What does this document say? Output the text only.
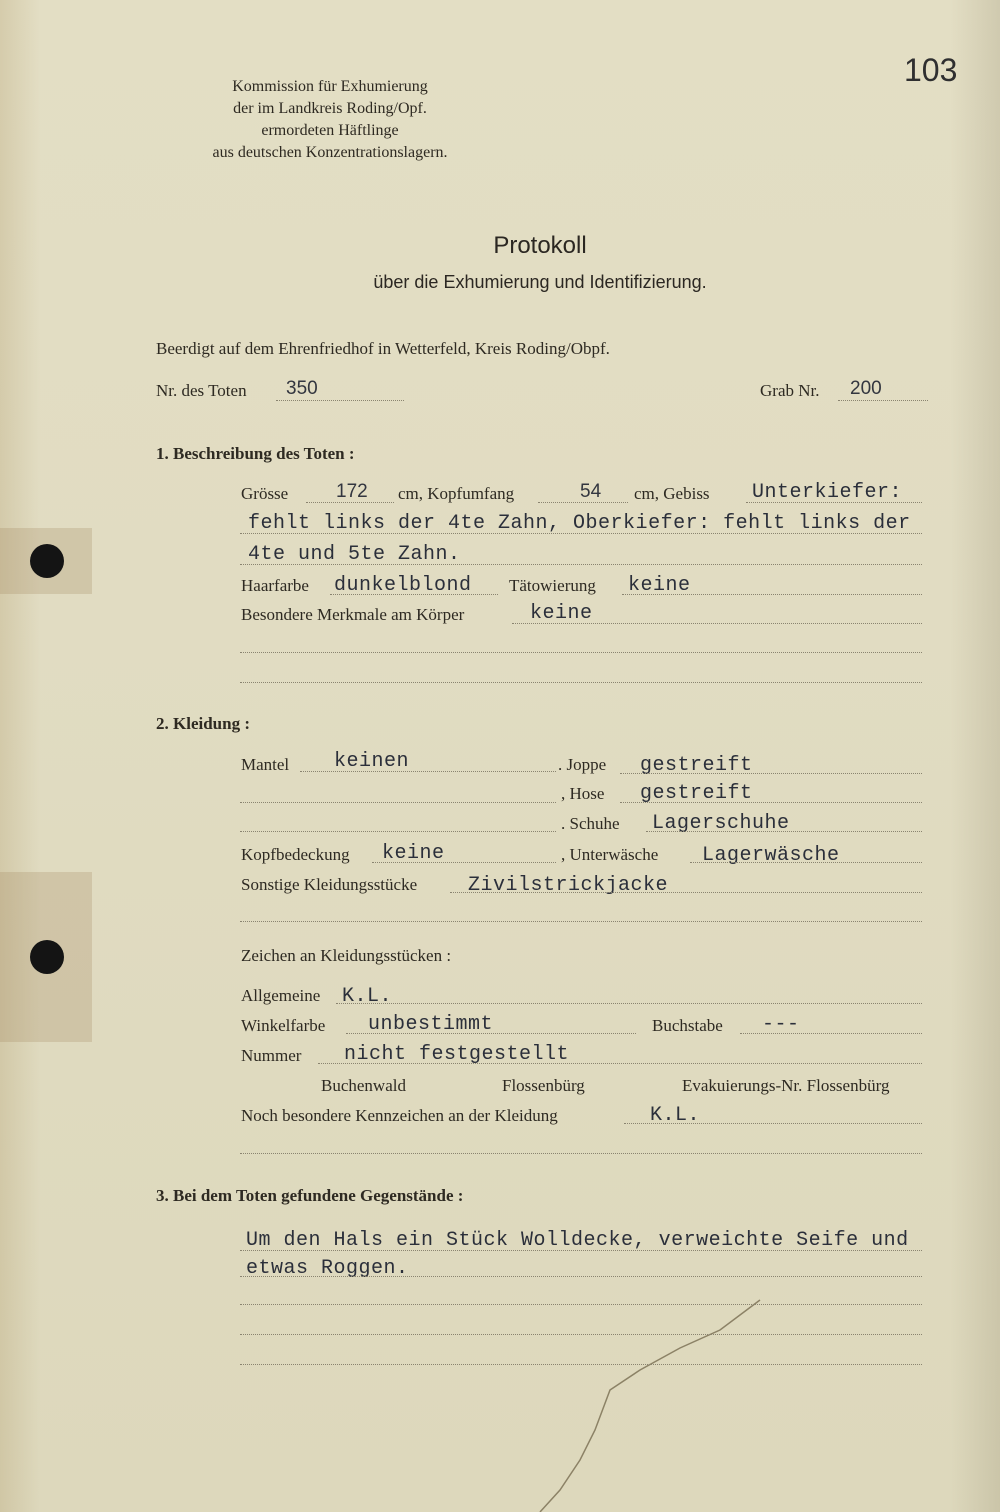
103
Kommission für Exhumierung
der im Landkreis Roding/Opf.
ermordeten Häftlinge
aus deutschen Konzentrationslagern.
Protokoll
über die Exhumierung und Identifizierung.
Beerdigt auf dem Ehrenfriedhof in Wetterfeld, Kreis Roding/Obpf.
Nr. des Toten 350	Grab Nr. 200
1. Beschreibung des Toten :
Grösse	172 cm, Kopfumfang	54 cm, Gebiss Unterkiefer:
fehlt links der 4te Zahn, Oberkiefer: fehlt links der
4te und 5te Zahn.
Haarfarbe dunkelblond Tätowierung keine
Besondere Merkmale am Körper	keine
2. Kleidung :
Mantel keinen	. Joppe gestreift
, Hose gestreift
. Schuhe Lagerschuhe
Kopfbedeckung keine	, Unterwäsche Lagerwäsche
Sonstige Kleidungsstücke	Zivilstrickjacke
Zeichen an Kleidungsstücken :
Allgemeine K.L.
Winkelfarbe unbestimmt	Buchstabe ---
Nummer nicht festgestellt
Buchenwald	Flossenbürg	Evakuierungs-Nr. Flossenbürg
Noch besondere Kennzeichen an der Kleidung	K.L.
3. Bei dem Toten gefundene Gegenstände :
Um den Hals ein Stück Wolldecke, verweichte Seife und
etwas Roggen.
